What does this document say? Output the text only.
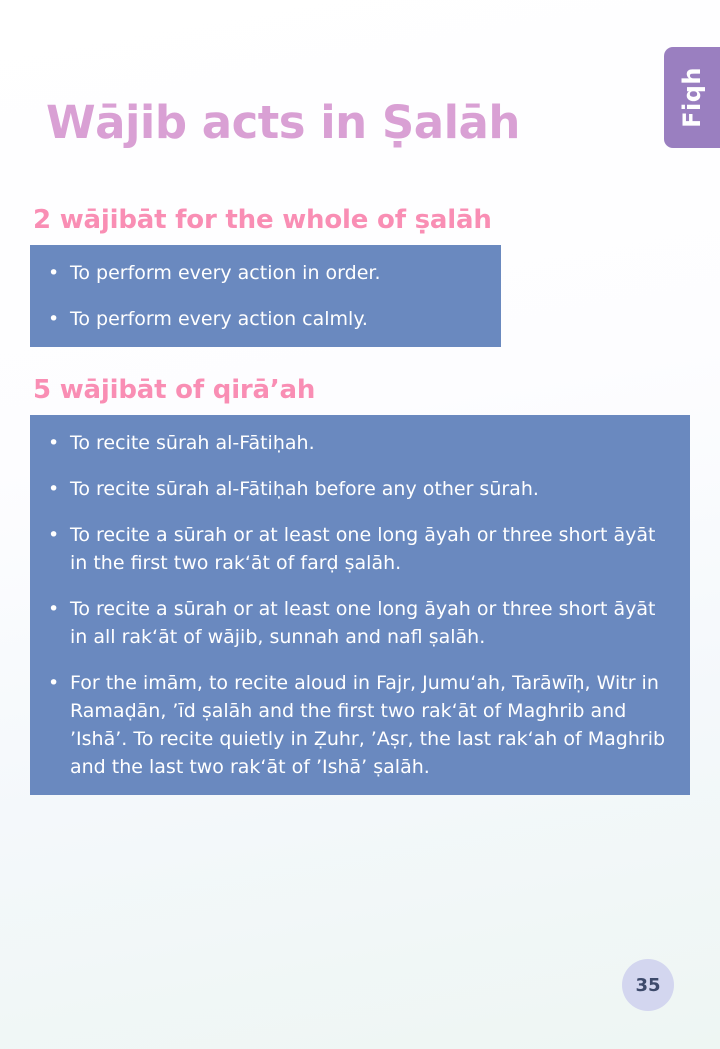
Fiqh
Wājib acts in Ṣalāh
2 wājibāt for the whole of ṣalāh
• To perform every action in order.
• To perform every action calmly.
5 wājibāt of qirā’ah
• To recite sūrah al-Fātiḥah.
• To recite sūrah al-Fātiḥah before any other sūrah.
• To recite a sūrah or at least one long āyah or three short āyāt in the first two rak‘āt of farḍ ṣalāh.
• To recite a sūrah or at least one long āyah or three short āyāt in all rak‘āt of wājib, sunnah and nafl ṣalāh.
• For the imām, to recite aloud in Fajr, Jumu‘ah, Tarāwīḥ, Witr in Ramaḍān, ’īd ṣalāh and the first two rak‘āt of Maghrib and ’Ishā’. To recite quietly in Ẓuhr, ’Aṣr, the last rak‘ah of Maghrib and the last two rak‘āt of ’Ishā’ ṣalāh.
35
